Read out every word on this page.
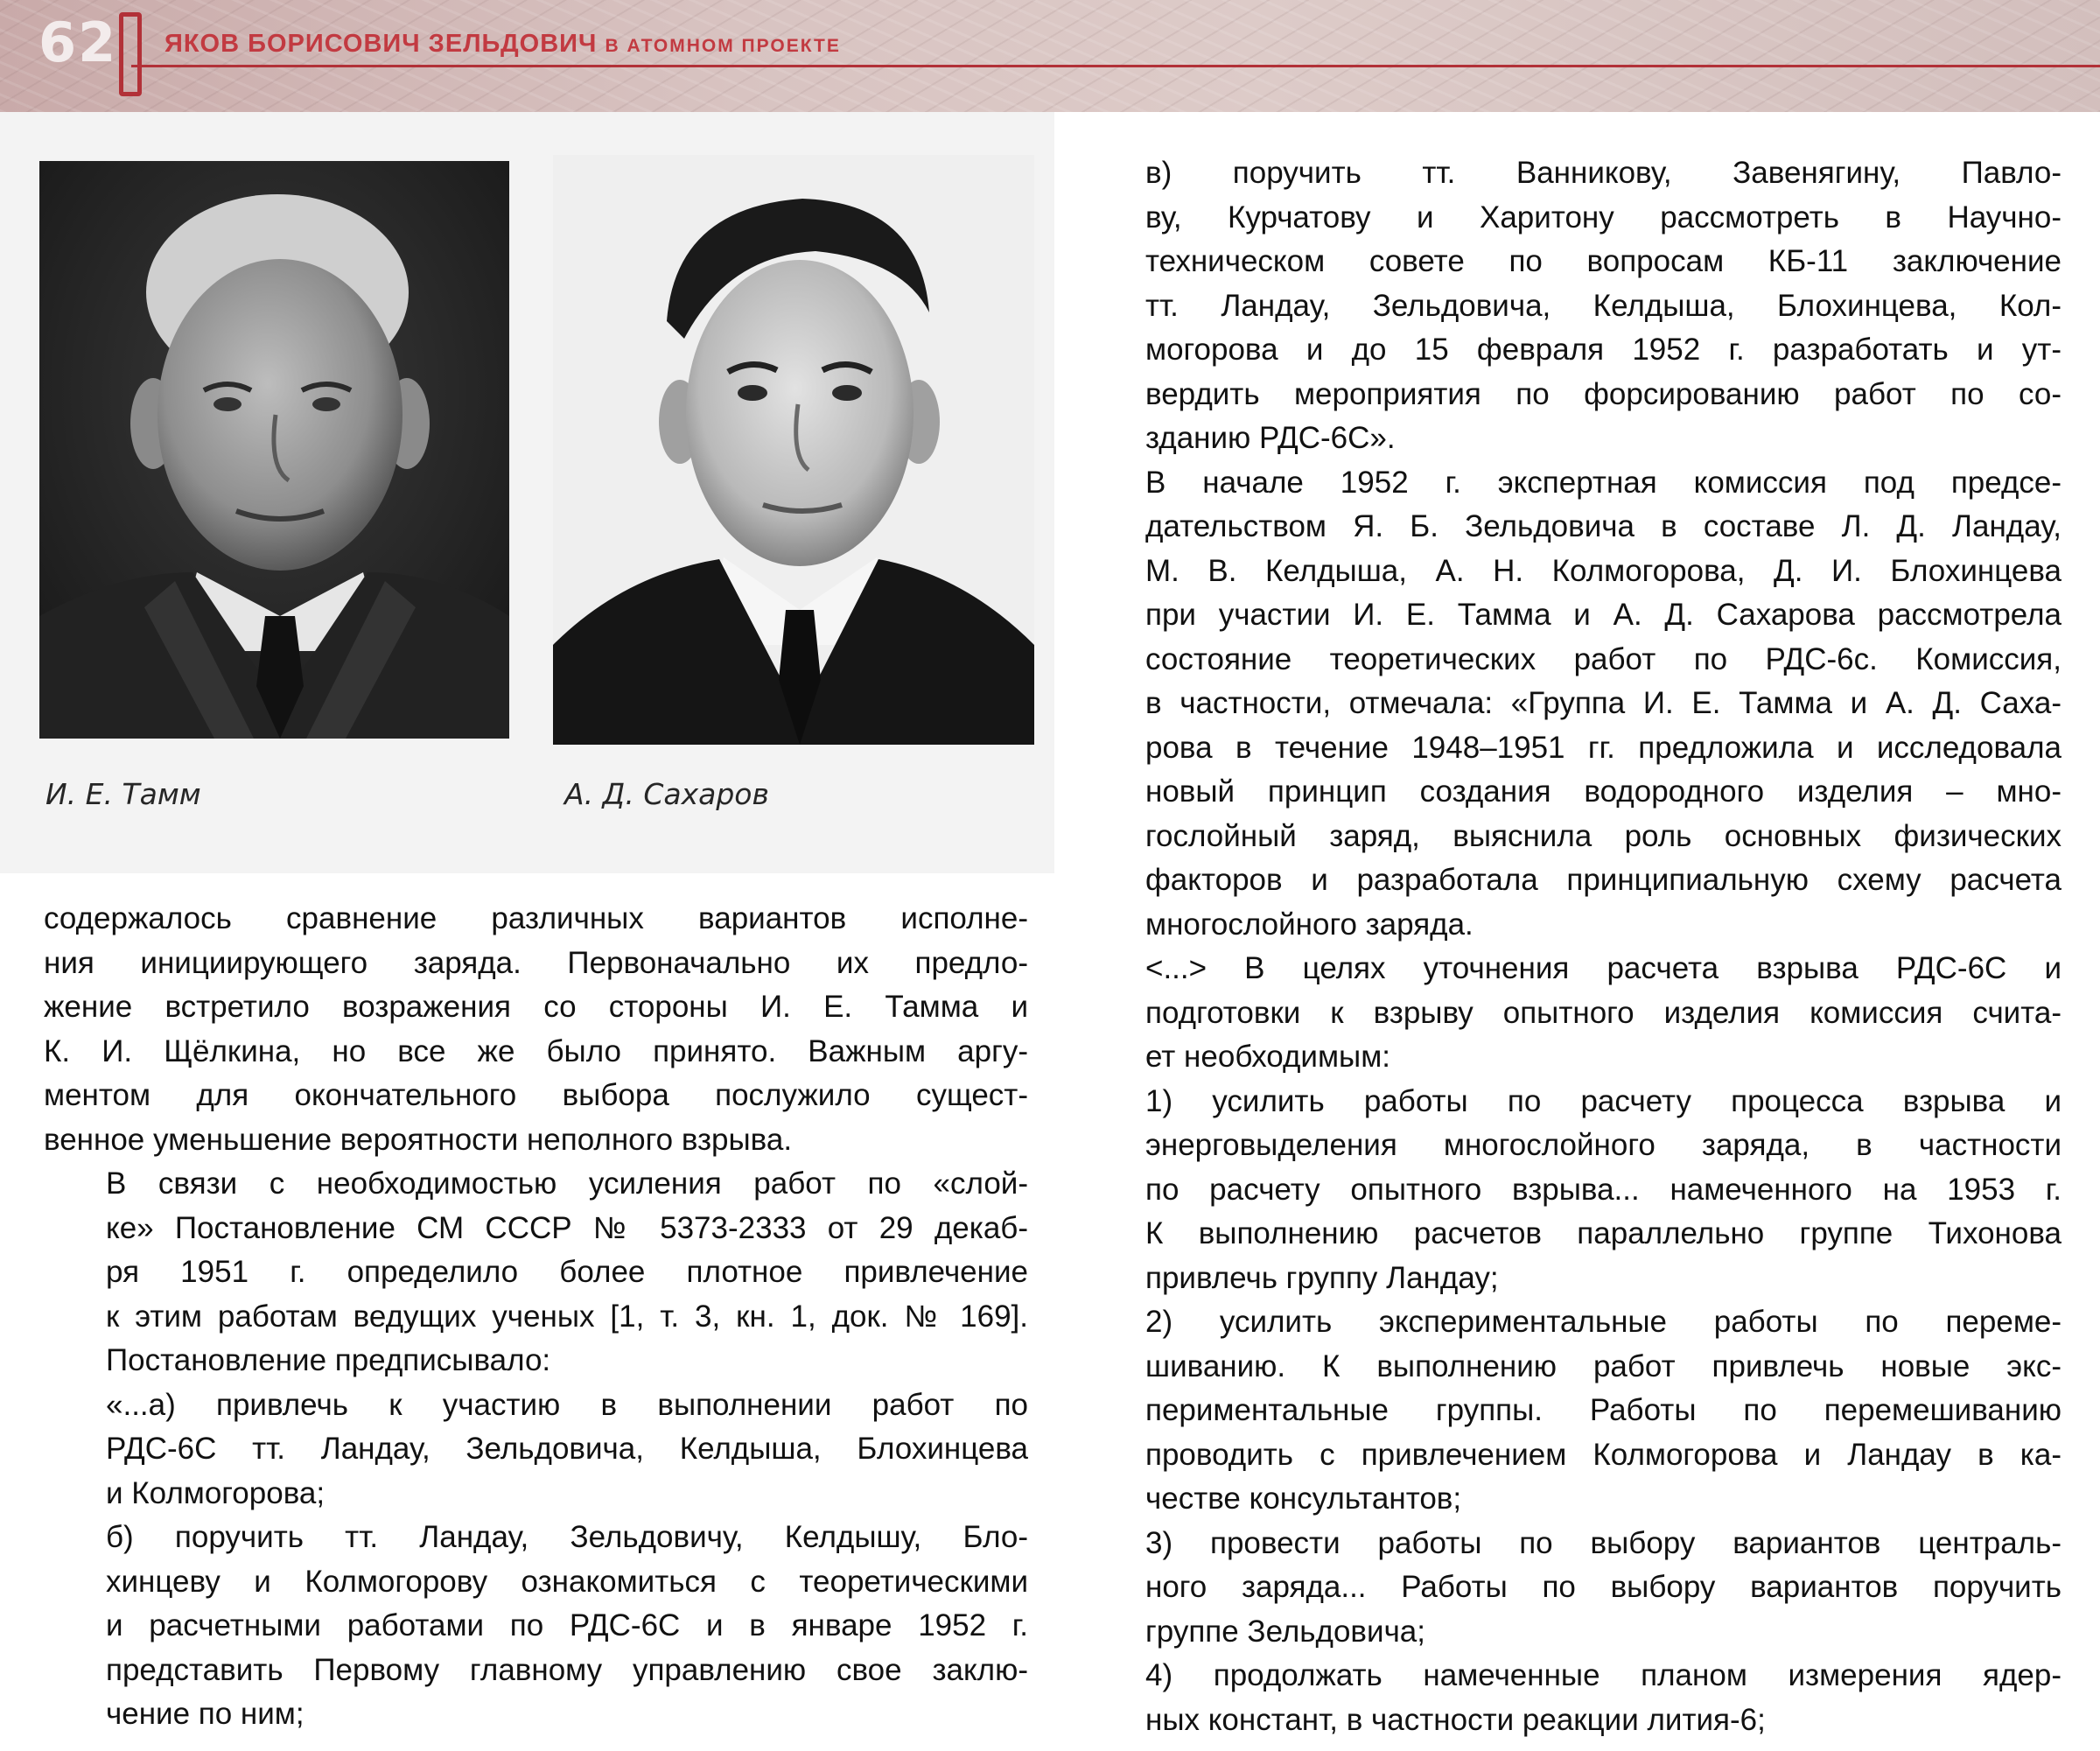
62 ЯКОВ БОРИСОВИЧ ЗЕЛЬДОВИЧ В АТОМНОМ ПРОЕКТЕ
И. Е. Тамм	А. Д. Сахаров

содержалось сравнение различных вариантов исполне-
ния инициирующего заряда. Первоначально их предло-
жение встретило возражения со стороны И. Е. Тамма и
К. И. Щёлкина, но все же было принято. Важным аргу-
ментом для окончательного выбора послужило сущест-
венное уменьшение вероятности неполного взрыва.

В связи с необходимостью усиления работ по «слой-
ке» Постановление СМ СССР № 5373-2333 от 29 декаб-
ря 1951 г. определило более плотное привлечение
к этим работам ведущих ученых [1, т. 3, кн. 1, док. № 169].
Постановление предписывало:

«...а) привлечь к участию в выполнении работ по
РДС-6С тт. Ландау, Зельдовича, Келдыша, Блохинцева
и Колмогорова;

б) поручить тт. Ландау, Зельдовичу, Келдышу, Бло-
хинцеву и Колмогорову ознакомиться с теоретическими
и расчетными работами по РДС-6С и в январе 1952 г.
представить Первому главному управлению свое заклю-
чение по ним;

в) поручить тт. Ванникову, Завенягину, Павло-
ву, Курчатову и Харитону рассмотреть в Научно-
техническом совете по вопросам КБ-11 заключение
тт. Ландау, Зельдовича, Келдыша, Блохинцева, Кол-
могорова и до 15 февраля 1952 г. разработать и ут-
вердить мероприятия по форсированию работ по со-
зданию РДС-6С».

В начале 1952 г. экспертная комиссия под предсе-
дательством Я. Б. Зельдовича в составе Л. Д. Ландау,
М. В. Келдыша, А. Н. Колмогорова, Д. И. Блохинцева
при участии И. Е. Тамма и А. Д. Сахарова рассмотрела
состояние теоретических работ по РДС-6с. Комиссия,
в частности, отмечала: «Группа И. Е. Тамма и А. Д. Саха-
рова в течение 1948–1951 гг. предложила и исследовала
новый принцип создания водородного изделия – мно-
гослойный заряд, выяснила роль основных физических
факторов и разработала принципиальную схему расчета
многослойного заряда.

<...> В целях уточнения расчета взрыва РДС-6С и
подготовки к взрыву опытного изделия комиссия счита-
ет необходимым:

1) усилить работы по расчету процесса взрыва и
энерговыделения многослойного заряда, в частности
по расчету опытного взрыва... намеченного на 1953 г.
К выполнению расчетов параллельно группе Тихонова
привлечь группу Ландау;

2) усилить экспериментальные работы по переме-
шиванию. К выполнению работ привлечь новые экс-
периментальные группы. Работы по перемешиванию
проводить с привлечением Колмогорова и Ландау в ка-
честве консультантов;

3) провести работы по выбору вариантов централь-
ного заряда... Работы по выбору вариантов поручить
группе Зельдовича;

4) продолжать намеченные планом измерения ядер-
ных констант, в частности реакции лития-6;
